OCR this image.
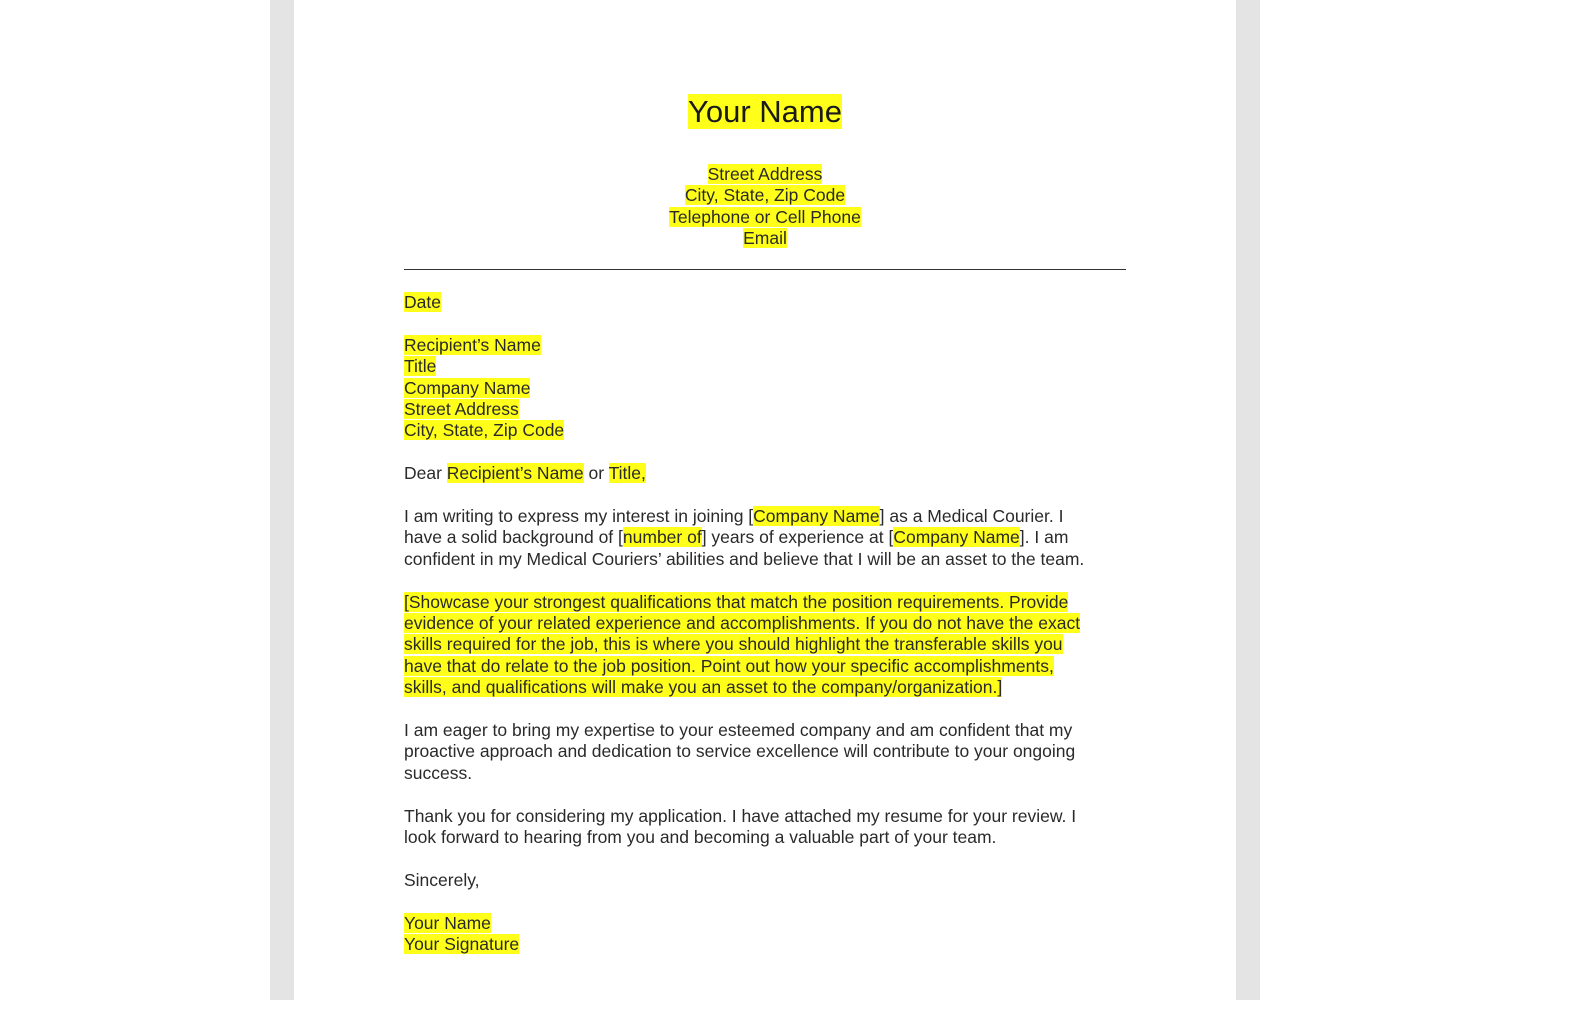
Your Name
Street Address
City, State, Zip Code
Telephone or Cell Phone
Email
Date
Recipient’s Name
Title
Company Name
Street Address
City, State, Zip Code
Dear Recipient’s Name or Title,
I am writing to express my interest in joining [Company Name] as a Medical Courier. I
have a solid background of [number of] years of experience at [Company Name]. I am
confident in my Medical Couriers’ abilities and believe that I will be an asset to the team.
[Showcase your strongest qualifications that match the position requirements. Provide
evidence of your related experience and accomplishments. If you do not have the exact
skills required for the job, this is where you should highlight the transferable skills you
have that do relate to the job position. Point out how your specific accomplishments,
skills, and qualifications will make you an asset to the company/organization.]
I am eager to bring my expertise to your esteemed company and am confident that my
proactive approach and dedication to service excellence will contribute to your ongoing
success.
Thank you for considering my application. I have attached my resume for your review. I
look forward to hearing from you and becoming a valuable part of your team.
Sincerely,
Your Name
Your Signature
